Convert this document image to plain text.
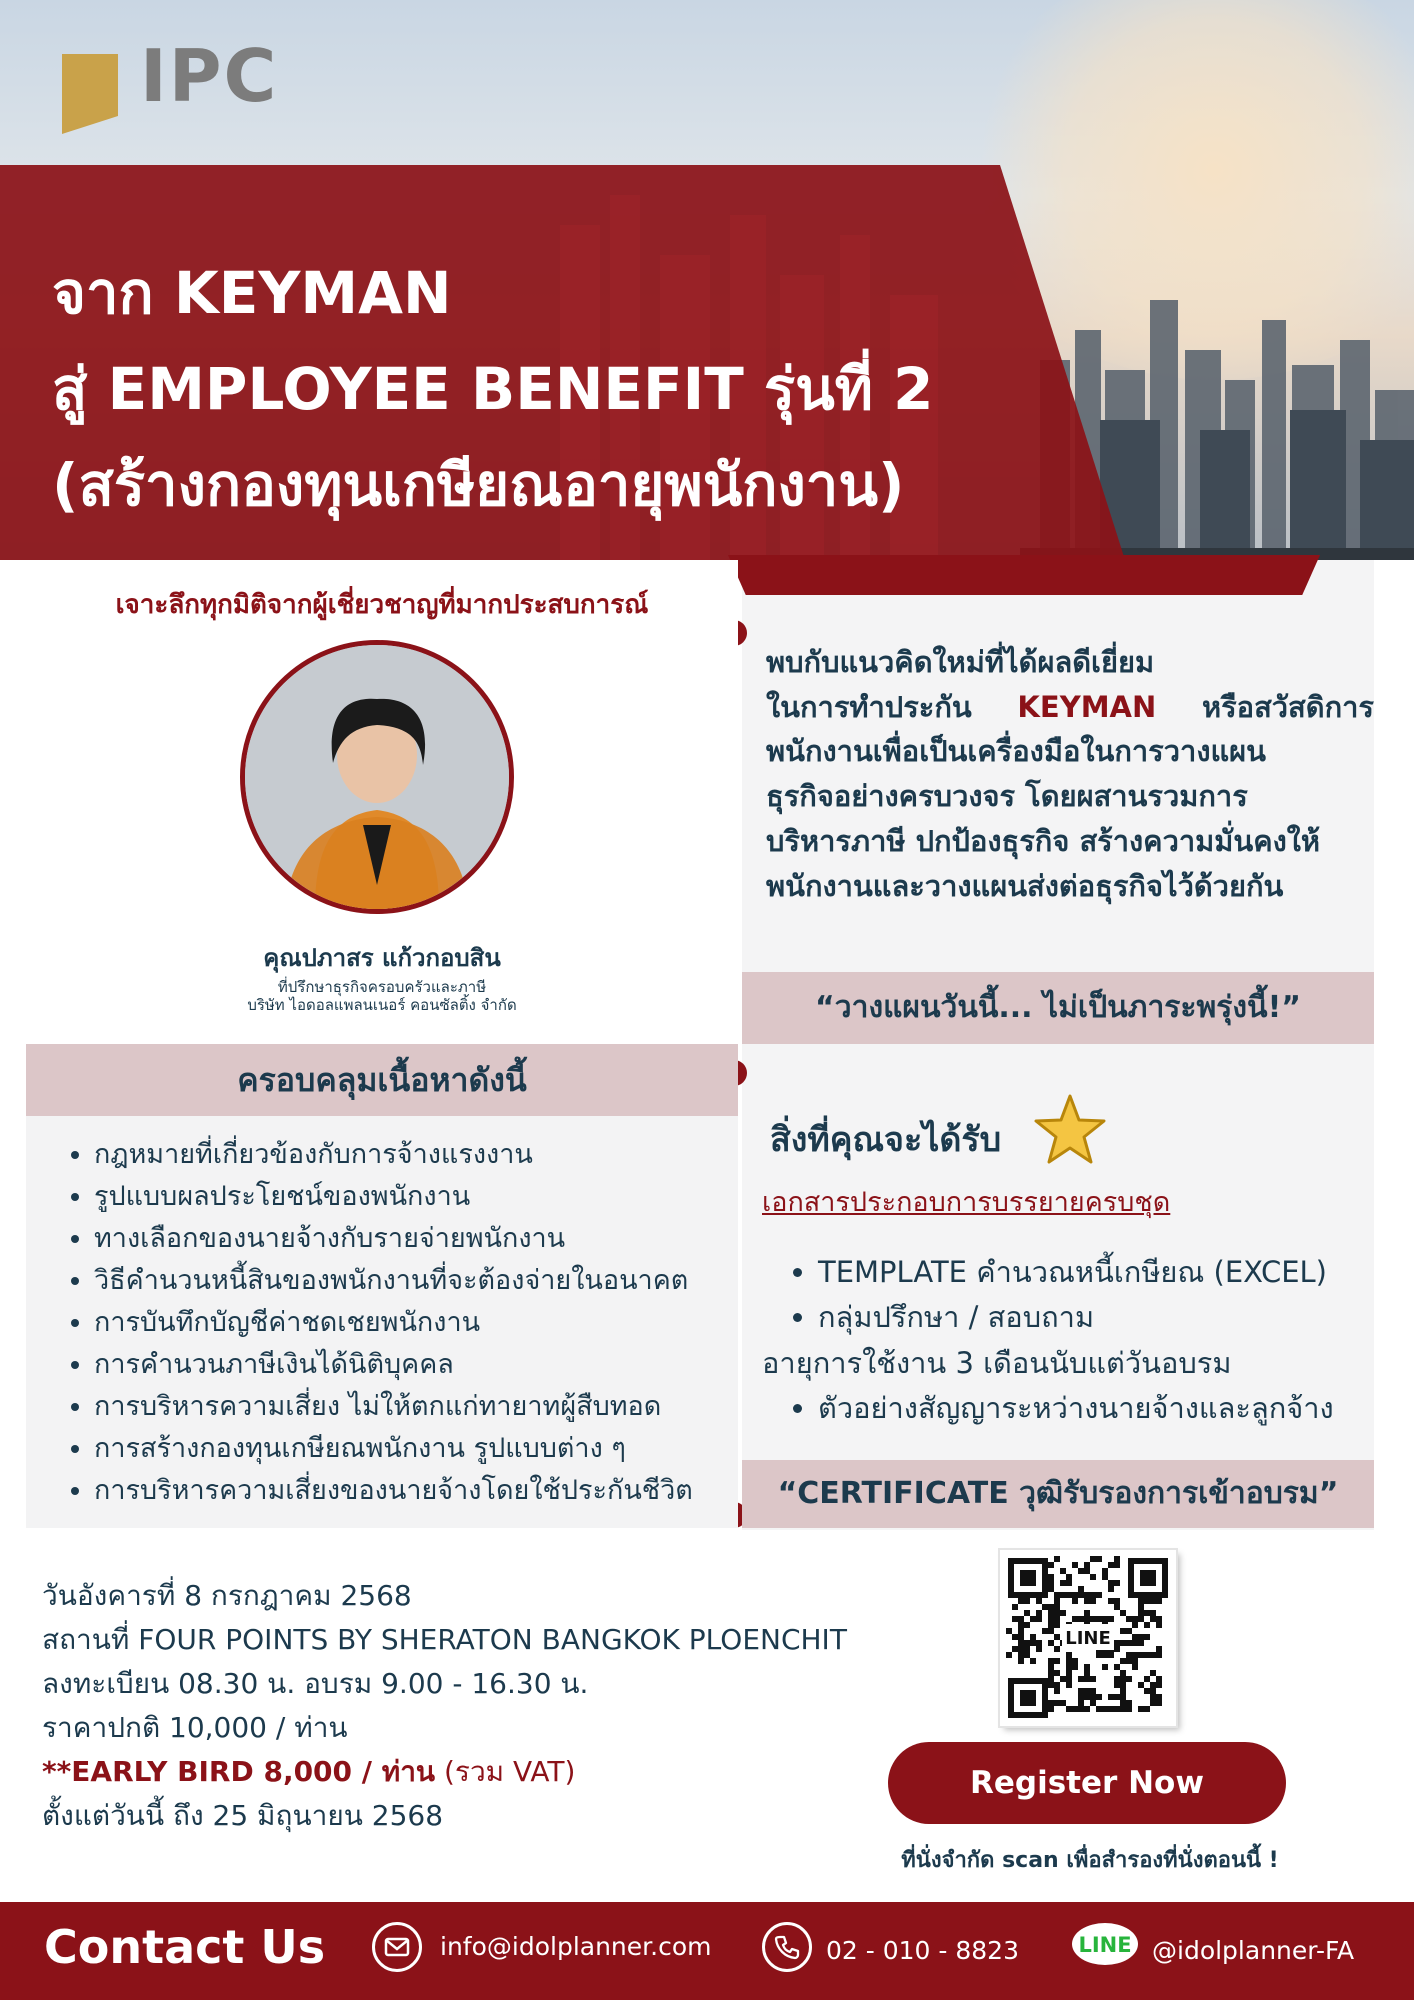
IPC
จาก KEYMAN
สู่ EMPLOYEE BENEFIT รุ่นที่ 2
(สร้างกองทุนเกษียณอายุพนักงาน)
พบกับแนวคิดใหม่ที่ได้ผลดีเยี่ยม
ในการทำประกัน KEYMAN หรือสวัสดิการ
พนักงานเพื่อเป็นเครื่องมือในการวางแผน
ธุรกิจอย่างครบวงจร โดยผสานรวมการ
บริหารภาษี ปกป้องธุรกิจ สร้างความมั่นคงให้
พนักงานและวางแผนส่งต่อธุรกิจไว้ด้วยกัน
“วางแผนวันนี้... ไม่เป็นภาระพรุ่งนี้!”
สิ่งที่คุณจะได้รับ
เอกสารประกอบการบรรยายครบชุด
• TEMPLATE คำนวณหนี้เกษียณ (EXCEL)
• กลุ่มปรึกษา / สอบถาม
อายุการใช้งาน 3 เดือนนับแต่วันอบรม
• ตัวอย่างสัญญาระหว่างนายจ้างและลูกจ้าง
“CERTIFICATE วุฒิรับรองการเข้าอบรม”
เจาะลึกทุกมิติจากผู้เชี่ยวชาญที่มากประสบการณ์
คุณปภาสร แก้วกอบสิน
ที่ปรึกษาธุรกิจครอบครัวและภาษี
บริษัท ไอดอลแพลนเนอร์ คอนซัลติ้ง จำกัด
ครอบคลุมเนื้อหาดังนี้
• กฎหมายที่เกี่ยวข้องกับการจ้างแรงงาน
• รูปแบบผลประโยชน์ของพนักงาน
• ทางเลือกของนายจ้างกับรายจ่ายพนักงาน
• วิธีคำนวนหนี้สินของพนักงานที่จะต้องจ่ายในอนาคต
• การบันทึกบัญชีค่าชดเชยพนักงาน
• การคำนวนภาษีเงินได้นิติบุคคล
• การบริหารความเสี่ยง ไม่ให้ตกแก่ทายาทผู้สืบทอด
• การสร้างกองทุนเกษียณพนักงาน รูปแบบต่าง ๆ
• การบริหารความเสี่ยงของนายจ้างโดยใช้ประกันชีวิต
วันอังคารที่ 8 กรกฎาคม 2568
สถานที่ FOUR POINTS BY SHERATON BANGKOK PLOENCHIT
ลงทะเบียน 08.30 น. อบรม 9.00 - 16.30 น.
ราคาปกติ 10,000 / ท่าน
**EARLY BIRD 8,000 / ท่าน (รวม VAT)
ตั้งแต่วันนี้ ถึง 25 มิถุนายน 2568
LINE
Register Now
ที่นั่งจำกัด scan เพื่อสำรองที่นั่งตอนนี้ !
Contact Us	info@idolplanner.com	02 - 010 - 8823	LINE @idolplanner-FA
